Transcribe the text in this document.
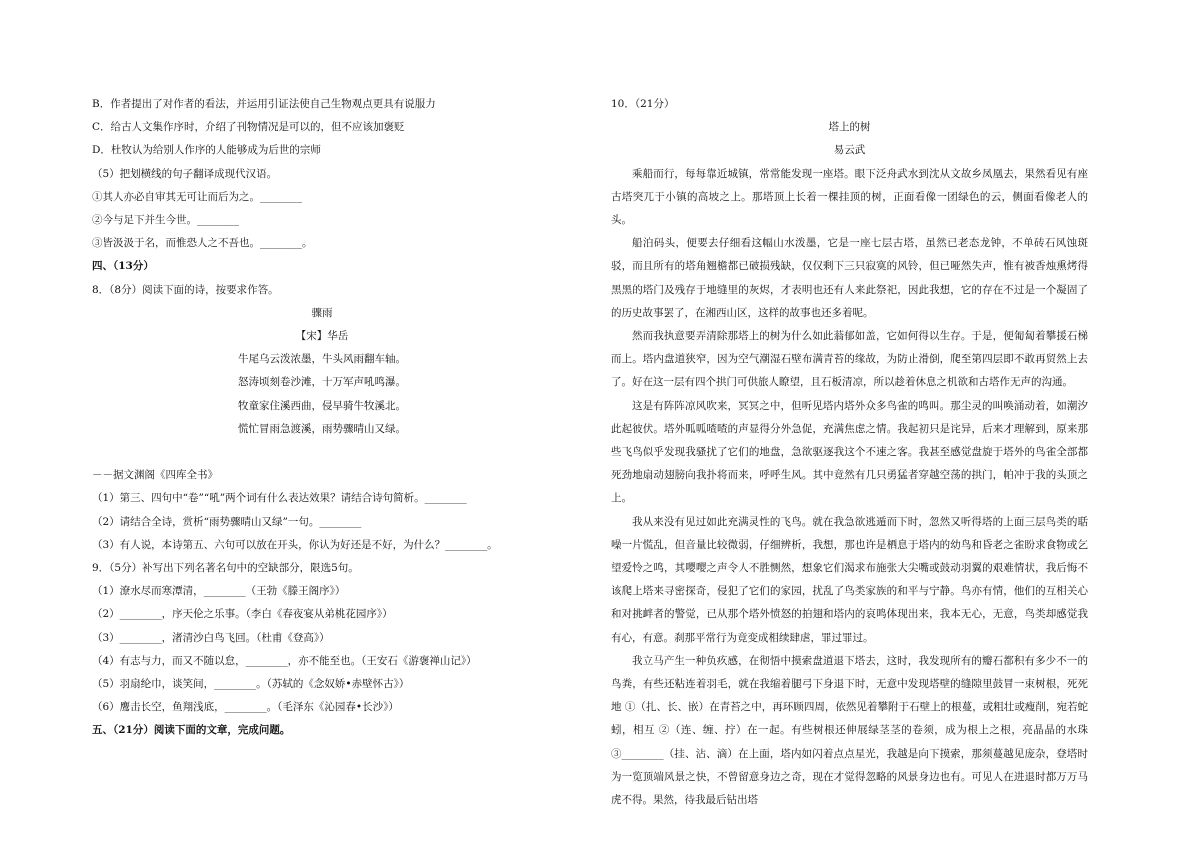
B．作者提出了对作者的看法，并运用引证法使自己生物观点更具有说服力
C．给古人文集作序时，介绍了刊物情况是可以的，但不应该加褒贬
D．杜牧认为给别人作序的人能够成为后世的宗师
（5）把划横线的句子翻译成现代汉语。
①其人亦必自审其无可让而后为之。________
②今与足下并生今世。________
③皆汲汲于名，而惟恐人之不吾也。________。
四、（13分）
8．（8分）阅读下面的诗，按要求作答。
骤雨
【宋】华岳
牛尾乌云泼浓墨，牛头风雨翻车轴。
怒涛顷刻卷沙滩，十万军声吼鸣瀑。
牧童家住溪西曲，侵早骑牛牧溪北。
慌忙冒雨急渡溪，雨势骤晴山又绿。
－－据文渊阁《四库全书》
（1）第三、四句中“卷”“吼”两个词有什么表达效果？请结合诗句简析。________
（2）请结合全诗，赏析“雨势骤晴山又绿”一句。________
（3）有人说，本诗第五、六句可以放在开头，你认为好还是不好，为什么？________。
9．（5分）补写出下列名著名句中的空缺部分，限选5句。
（1）潦水尽而寒潭清，________（王勃《滕王阁序》）
（2）________，序天伦之乐事。（李白《春夜宴从弟桃花园序》）
（3）________，渚清沙白鸟飞回。（杜甫《登高》）
（4）有志与力，而又不随以怠，________，亦不能至也。（王安石《游褒禅山记》）
（5）羽扇纶巾，谈笑间，________。（苏轼的《念奴娇•赤壁怀古》）
（6）鹰击长空，鱼翔浅底，________。（毛泽东《沁园春•长沙》）
五、（21分）阅读下面的文章，完成问题。
10．（21分）
塔上的树
易云武

乘船而行，每每靠近城镇，常常能发现一座塔。眼下泛舟武水到沈从文故乡凤凰去，果然看见有座古塔突兀于小镇的高坡之上。那塔顶上长着一棵挂顶的树，正面看像一团绿色的云，侧面看像老人的头。

船泊码头，便要去仔细看这幅山水泼墨，它是一座七层古塔，虽然已老态龙钟，不单砖石风蚀斑驳，而且所有的塔角翘檐都已破损残缺，仅仅剩下三只寂寞的风铃，但已哑然失声，惟有被香烛熏烤得黑黑的塔门及残存于地缝里的灰烬，才表明也还有人来此祭祀，因此我想，它的存在不过是一个凝固了的历史故事罢了，在湘西山区，这样的故事也还多着呢。

然而我执意要弄清除那塔上的树为什么如此蓊郁如盖，它如何得以生存。于是，便匍匐着攀援石梯而上。塔内盘道狭窄，因为空气潮湿石壁布满青苔的缘故，为防止滑倒，爬至第四层即不敢再贸然上去了。好在这一层有四个拱门可供旅人瞭望，且石板清凉，所以趁着休息之机欲和古塔作无声的沟通。

这是有阵阵凉风吹来，冥冥之中，但听见塔内塔外众多鸟雀的鸣叫。那尘灵的叫唤涌动着，如潮汐此起彼伏。塔外呱呱喳喳的声显得分外急促，充满焦虑之情。我起初只是诧异，后来才理解到，原来那些飞鸟似乎发现我骚扰了它们的地盘，急欲驱逐我这个不速之客。我甚至感觉盘旋于塔外的鸟雀全部都死劲地扇动翅膀向我扑将而来，呼呼生风。其中竟然有几只勇猛者穿越空荡的拱门，帕冲于我的头顶之上。

我从来没有见过如此充满灵性的飞鸟。就在我急欲逃遁而下时，忽然又听得塔的上面三层鸟类的聒噪一片慌乱，但音量比较微弱，仔细辨析，我想，那也许是栖息于塔内的幼鸟和昏老之雀盼求食物或乞望爱怜之鸣，其嘤嘤之声令人不胜恻然，想象它们渴求布施张大尖嘴或鼓动羽翼的艰难情状，我后悔不该爬上塔来寻密探奇，侵犯了它们的家园，扰乱了鸟类家族的和平与宁静。鸟亦有情，他们的互相关心和对挑衅者的警觉，已从那个塔外愤怒的拍翅和塔内的哀鸣体现出来，我本无心，无意，鸟类却感觉我有心，有意。刹那平常行为竟变成相续肆虐，罪过罪过。

我立马产生一种负疚感，在彻悟中摸索盘道退下塔去，这时，我发现所有的瓣石都积有多少不一的鸟粪，有些还粘连着羽毛，就在我缩着腿弓下身退下时，无意中发现塔壁的缝隙里鼓冒一束树根，死死地 ①（扎、长、嵌）在青苔之中，再环顾四周，依然见着攀附于石壁上的根蔓，或粗壮或瘦削，宛若蛇蚓，相互 ②（连、缠、拧）在一起。有些树根还伸展绿茎茎的卷须，成为根上之根，亮晶晶的水珠 ③________（挂、沾、滴）在上面，塔内如闪着点点星光，我越是向下摸索，那须蔓越见庞杂，登塔时为一览顶端风景之快，不曾留意身边之奇，现在才觉得忽略的风景身边也有。可见人在进退时都万万马虎不得。果然，待我最后钻出塔
